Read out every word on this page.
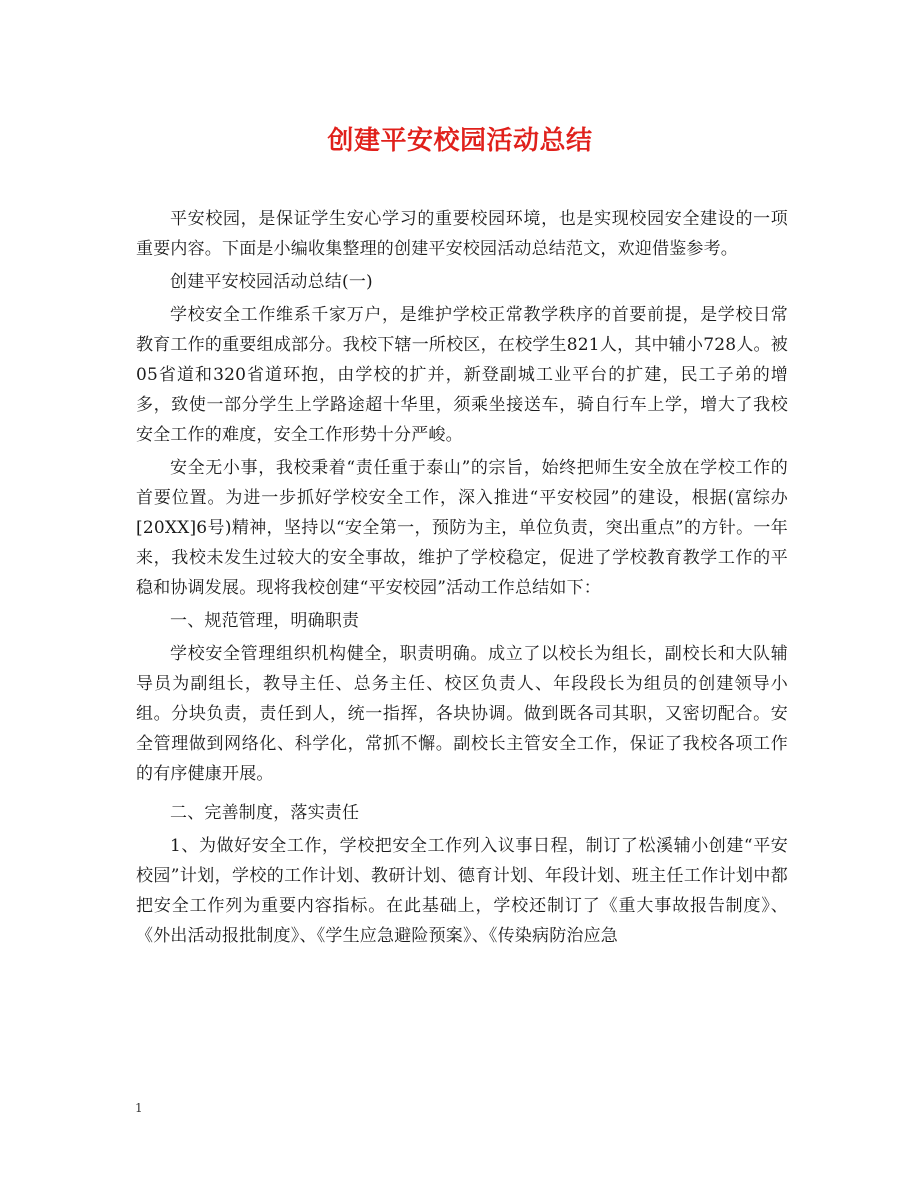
创建平安校园活动总结

平安校园，是保证学生安心学习的重要校园环境，也是实现校园安全建设的一项重要内容。下面是小编收集整理的创建平安校园活动总结范文，欢迎借鉴参考。

创建平安校园活动总结(一)

学校安全工作维系千家万户，是维护学校正常教学秩序的首要前提，是学校日常教育工作的重要组成部分。我校下辖一所校区，在校学生821人，其中辅小728人。被05省道和320省道环抱，由学校的扩并，新登副城工业平台的扩建，民工子弟的增多，致使一部分学生上学路途超十华里，须乘坐接送车，骑自行车上学，增大了我校安全工作的难度，安全工作形势十分严峻。

安全无小事，我校秉着“责任重于泰山”的宗旨，始终把师生安全放在学校工作的首要位置。为进一步抓好学校安全工作，深入推进“平安校园”的建设，根据(富综办[20XX]6号)精神，坚持以“安全第一，预防为主，单位负责，突出重点”的方针。一年来，我校未发生过较大的安全事故，维护了学校稳定，促进了学校教育教学工作的平稳和协调发展。现将我校创建“平安校园”活动工作总结如下：

一、规范管理，明确职责

学校安全管理组织机构健全，职责明确。成立了以校长为组长，副校长和大队辅导员为副组长，教导主任、总务主任、校区负责人、年段段长为组员的创建领导小组。分块负责，责任到人，统一指挥，各块协调。做到既各司其职，又密切配合。安全管理做到网络化、科学化，常抓不懈。副校长主管安全工作，保证了我校各项工作的有序健康开展。

二、完善制度，落实责任

1、为做好安全工作，学校把安全工作列入议事日程，制订了松溪辅小创建“平安校园”计划，学校的工作计划、教研计划、德育计划、年段计划、班主任工作计划中都把安全工作列为重要内容指标。在此基础上，学校还制订了《重大事故报告制度》、《外出活动报批制度》、《学生应急避险预案》、《传染病防治应急

1
